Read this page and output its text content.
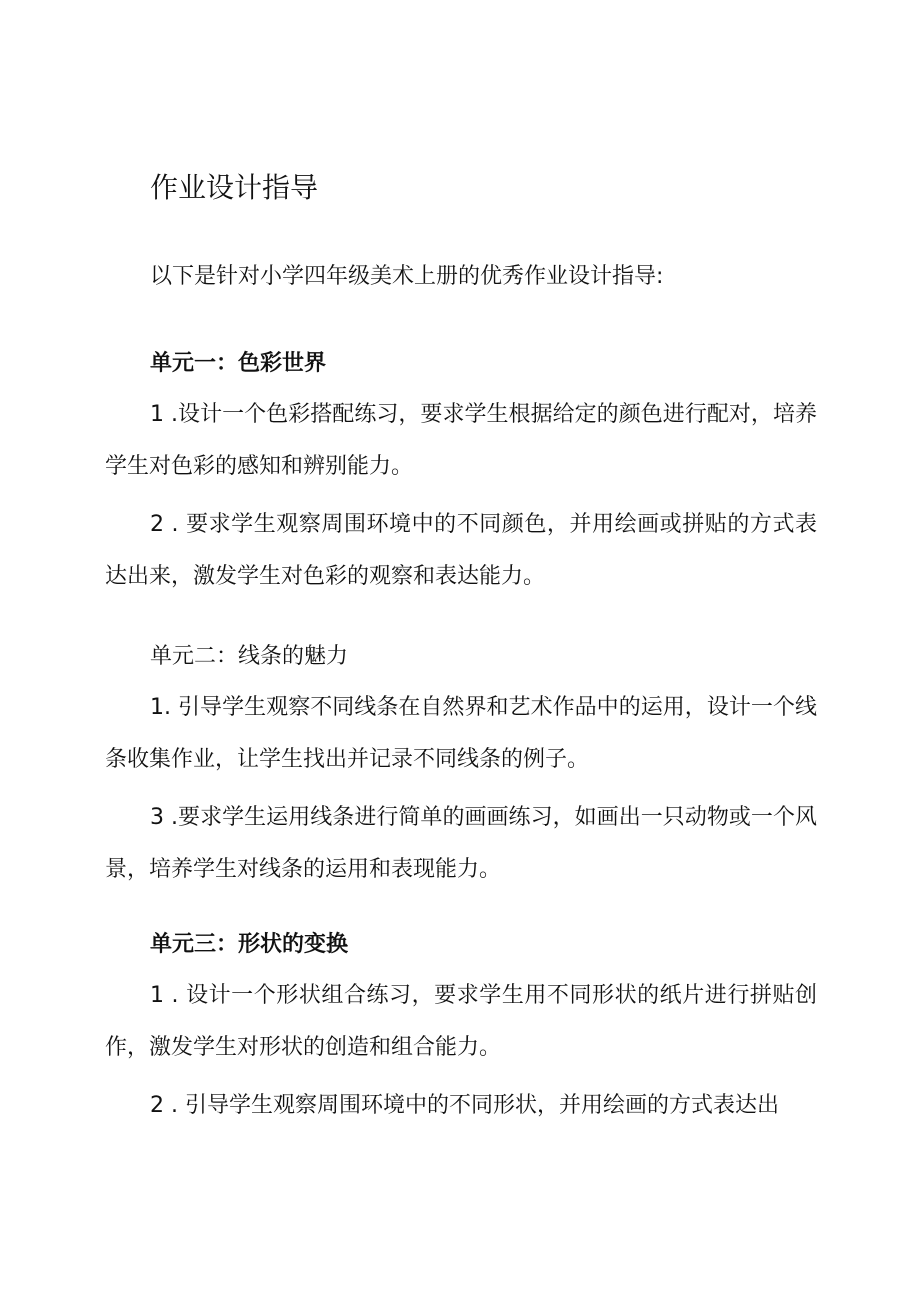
作业设计指导

以下是针对小学四年级美术上册的优秀作业设计指导:

单元一：色彩世界

1 .设计一个色彩搭配练习，要求学生根据给定的颜色进行配对，培养学生对色彩的感知和辨别能力。

2 . 要求学生观察周围环境中的不同颜色，并用绘画或拼贴的方式表达出来，激发学生对色彩的观察和表达能力。

单元二：线条的魅力

1. 引导学生观察不同线条在自然界和艺术作品中的运用，设计一个线条收集作业，让学生找出并记录不同线条的例子。

3 .要求学生运用线条进行简单的画画练习，如画出一只动物或一个风景，培养学生对线条的运用和表现能力。

单元三：形状的变换

1 . 设计一个形状组合练习，要求学生用不同形状的纸片进行拼贴创作，激发学生对形状的创造和组合能力。

2 . 引导学生观察周围环境中的不同形状，并用绘画的方式表达出
